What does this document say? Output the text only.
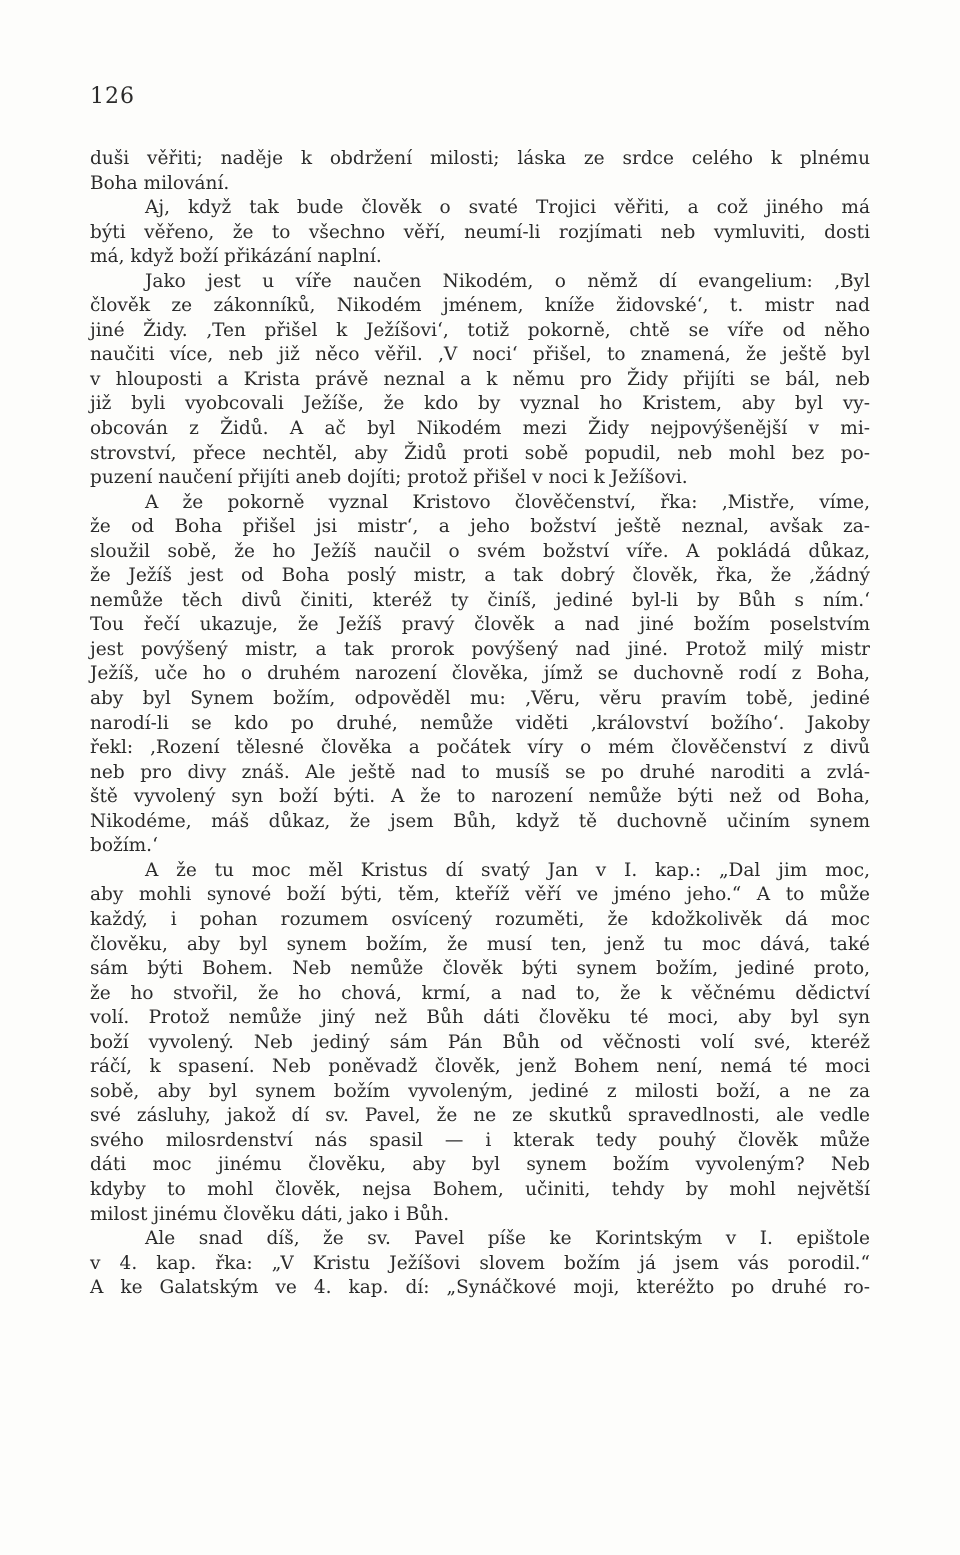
126
duši věřiti; naděje k obdržení milosti; láska ze srdce celého k plnému
Boha milování.
Aj, když tak bude člověk o svaté Trojici věřiti, a což jiného má
býti věřeno, že to všechno věří, neumí-li rozjímati neb vymluviti, dosti
má, když boží přikázání naplní.
Jako jest u víře naučen Nikodém, o němž dí evangelium: ‚Byl
člověk ze zákonníků, Nikodém jménem, kníže židovské‘, t. mistr nad
jiné Židy. ‚Ten přišel k Ježíšovi‘, totiž pokorně, chtě se víře od něho
naučiti více, neb již něco věřil. ‚V noci‘ přišel, to znamená, že ještě byl
v hlouposti a Krista právě neznal a k němu pro Židy přijíti se bál, neb
již byli vyobcovali Ježíše, že kdo by vyznal ho Kristem, aby byl vy-
obcován z Židů. A ač byl Nikodém mezi Židy nejpovýšenější v mi-
strovství, přece nechtěl, aby Židů proti sobě popudil, neb mohl bez po-
puzení naučení přijíti aneb dojíti; protož přišel v noci k Ježíšovi.
A že pokorně vyznal Kristovo člověčenství, řka: ‚Mistře, víme,
že od Boha přišel jsi mistr‘, a jeho božství ještě neznal, avšak za-
sloužil sobě, že ho Ježíš naučil o svém božství víře. A pokládá důkaz,
že Ježíš jest od Boha poslý mistr, a tak dobrý člověk, řka, že ‚žádný
nemůže těch divů činiti, kteréž ty činíš, jediné byl-li by Bůh s ním.‘
Tou řečí ukazuje, že Ježíš pravý člověk a nad jiné božím poselstvím
jest povýšený mistr, a tak prorok povýšený nad jiné. Protož milý mistr
Ježíš, uče ho o druhém narození člověka, jímž se duchovně rodí z Boha,
aby byl Synem božím, odpověděl mu: ‚Věru, věru pravím tobě, jediné
narodí-li se kdo po druhé, nemůže viděti ‚království božího‘. Jakoby
řekl: ‚Rození tělesné člověka a počátek víry o mém člověčenství z divů
neb pro divy znáš. Ale ještě nad to musíš se po druhé naroditi a zvlá-
ště vyvolený syn boží býti. A že to narození nemůže býti než od Boha,
Nikodéme, máš důkaz, že jsem Bůh, když tě duchovně učiním synem
božím.‘
A že tu moc měl Kristus dí svatý Jan v I. kap.: „Dal jim moc,
aby mohli synové boží býti, těm, kteříž věří ve jméno jeho.“ A to může
každý, i pohan rozumem osvícený rozuměti, že kdožkolivěk dá moc
člověku, aby byl synem božím, že musí ten, jenž tu moc dává, také
sám býti Bohem. Neb nemůže člověk býti synem božím, jediné proto,
že ho stvořil, že ho chová, krmí, a nad to, že k věčnému dědictví
volí. Protož nemůže jiný než Bůh dáti člověku té moci, aby byl syn
boží vyvolený. Neb jediný sám Pán Bůh od věčnosti volí své, kteréž
ráčí, k spasení. Neb poněvadž člověk, jenž Bohem není, nemá té moci
sobě, aby byl synem božím vyvoleným, jediné z milosti boží, a ne za
své zásluhy, jakož dí sv. Pavel, že ne ze skutků spravedlnosti, ale vedle
svého milosrdenství nás spasil — i kterak tedy pouhý člověk může
dáti moc jinému člověku, aby byl synem božím vyvoleným? Neb
kdyby to mohl člověk, nejsa Bohem, učiniti, tehdy by mohl největší
milost jinému člověku dáti, jako i Bůh.
Ale snad díš, že sv. Pavel píše ke Korintským v I. epištole
v 4. kap. řka: „V Kristu Ježíšovi slovem božím já jsem vás porodil.“
A ke Galatským ve 4. kap. dí: „Synáčkové moji, kteréžto po druhé ro-
